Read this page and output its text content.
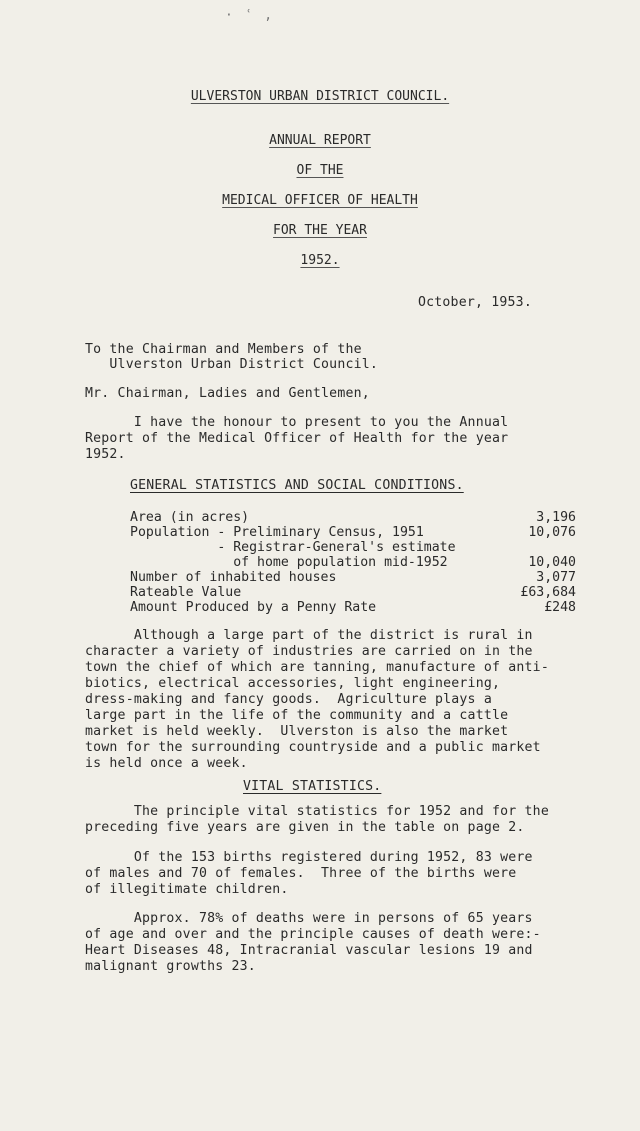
· ʿ ,
ULVERSTON URBAN DISTRICT COUNCIL.
ANNUAL REPORT
OF THE
MEDICAL OFFICER OF HEALTH
FOR THE YEAR
1952.
October, 1953.
To the Chairman and Members of the
Ulverston Urban District Council.
Mr. Chairman, Ladies and Gentlemen,
I have the honour to present to you the Annual
Report of the Medical Officer of Health for the year
1952.
GENERAL STATISTICS AND SOCIAL CONDITIONS.
Area (in acres)	3,196
Population - Preliminary Census, 1951	10,076
- Registrar-General's estimate
of home population mid-1952	10,040
Number of inhabited houses	3,077
Rateable Value	£63,684
Amount Produced by a Penny Rate	£248
Although a large part of the district is rural in
character a variety of industries are carried on in the
town the chief of which are tanning, manufacture of anti-
biotics, electrical accessories, light engineering,
dress-making and fancy goods.  Agriculture plays a
large part in the life of the community and a cattle
market is held weekly.  Ulverston is also the market
town for the surrounding countryside and a public market
is held once a week.
VITAL STATISTICS.
The principle vital statistics for 1952 and for the
preceding five years are given in the table on page 2.
Of the 153 births registered during 1952, 83 were
of males and 70 of females.  Three of the births were
of illegitimate children.
Approx. 78% of deaths were in persons of 65 years
of age and over and the principle causes of death were:-
Heart Diseases 48, Intracranial vascular lesions 19 and
malignant growths 23.
